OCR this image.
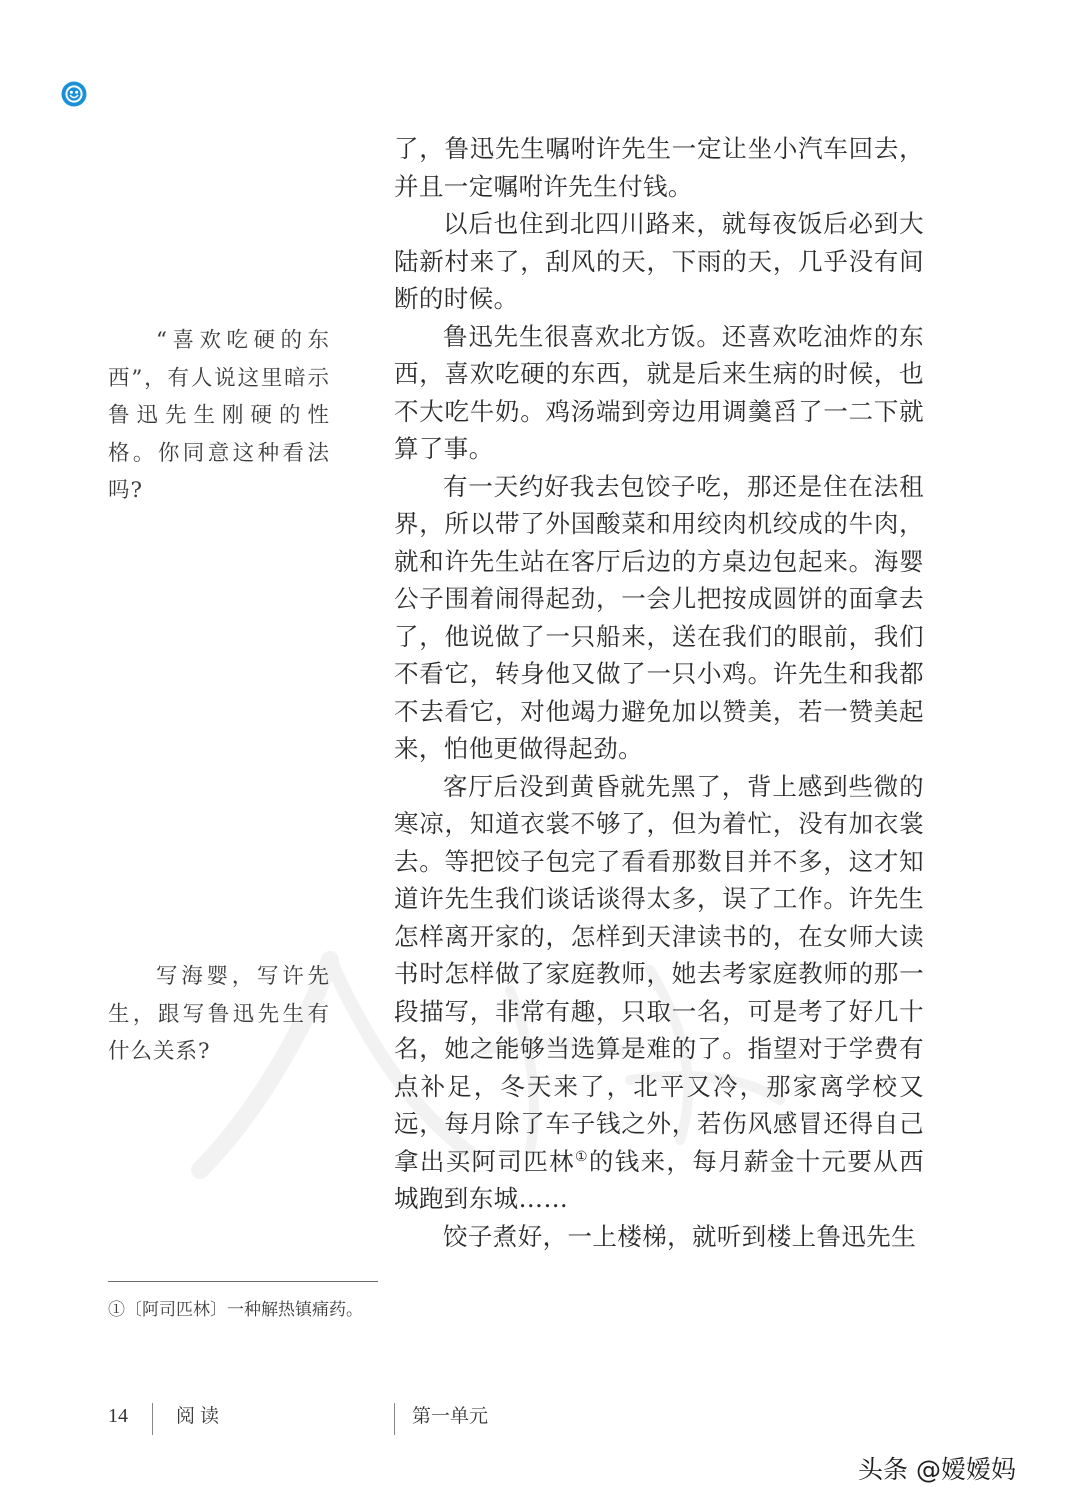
了，鲁迅先生嘱咐许先生一定让坐小汽车回去，并且一定嘱咐许先生付钱。

以后也住到北四川路来，就每夜饭后必到大陆新村来了，刮风的天，下雨的天，几乎没有间断的时候。

鲁迅先生很喜欢北方饭。还喜欢吃油炸的东西，喜欢吃硬的东西，就是后来生病的时候，也不大吃牛奶。鸡汤端到旁边用调羹舀了一二下就算了事。

有一天约好我去包饺子吃，那还是住在法租界，所以带了外国酸菜和用绞肉机绞成的牛肉，就和许先生站在客厅后边的方桌边包起来。海婴公子围着闹得起劲，一会儿把按成圆饼的面拿去了，他说做了一只船来，送在我们的眼前，我们不看它，转身他又做了一只小鸡。许先生和我都不去看它，对他竭力避免加以赞美，若一赞美起来，怕他更做得起劲。

客厅后没到黄昏就先黑了，背上感到些微的寒凉，知道衣裳不够了，但为着忙，没有加衣裳去。等把饺子包完了看看那数目并不多，这才知道许先生我们谈话谈得太多，误了工作。许先生怎样离开家的，怎样到天津读书的，在女师大读书时怎样做了家庭教师，她去考家庭教师的那一段描写，非常有趣，只取一名，可是考了好几十名，她之能够当选算是难的了。指望对于学费有点补足，冬天来了，北平又冷，那家离学校又远，每月除了车子钱之外，若伤风感冒还得自己拿出买阿司匹林①的钱来，每月薪金十元要从西城跑到东城……

饺子煮好，一上楼梯，就听到楼上鲁迅先生

“喜欢吃硬的东西”，有人说这里暗示鲁迅先生刚硬的性格。你同意这种看法吗?

写海婴，写许先生，跟写鲁迅先生有什么关系?

①〔阿司匹林〕一种解热镇痛药。
14	阅读	第一单元
头条 @嫒嫒妈
